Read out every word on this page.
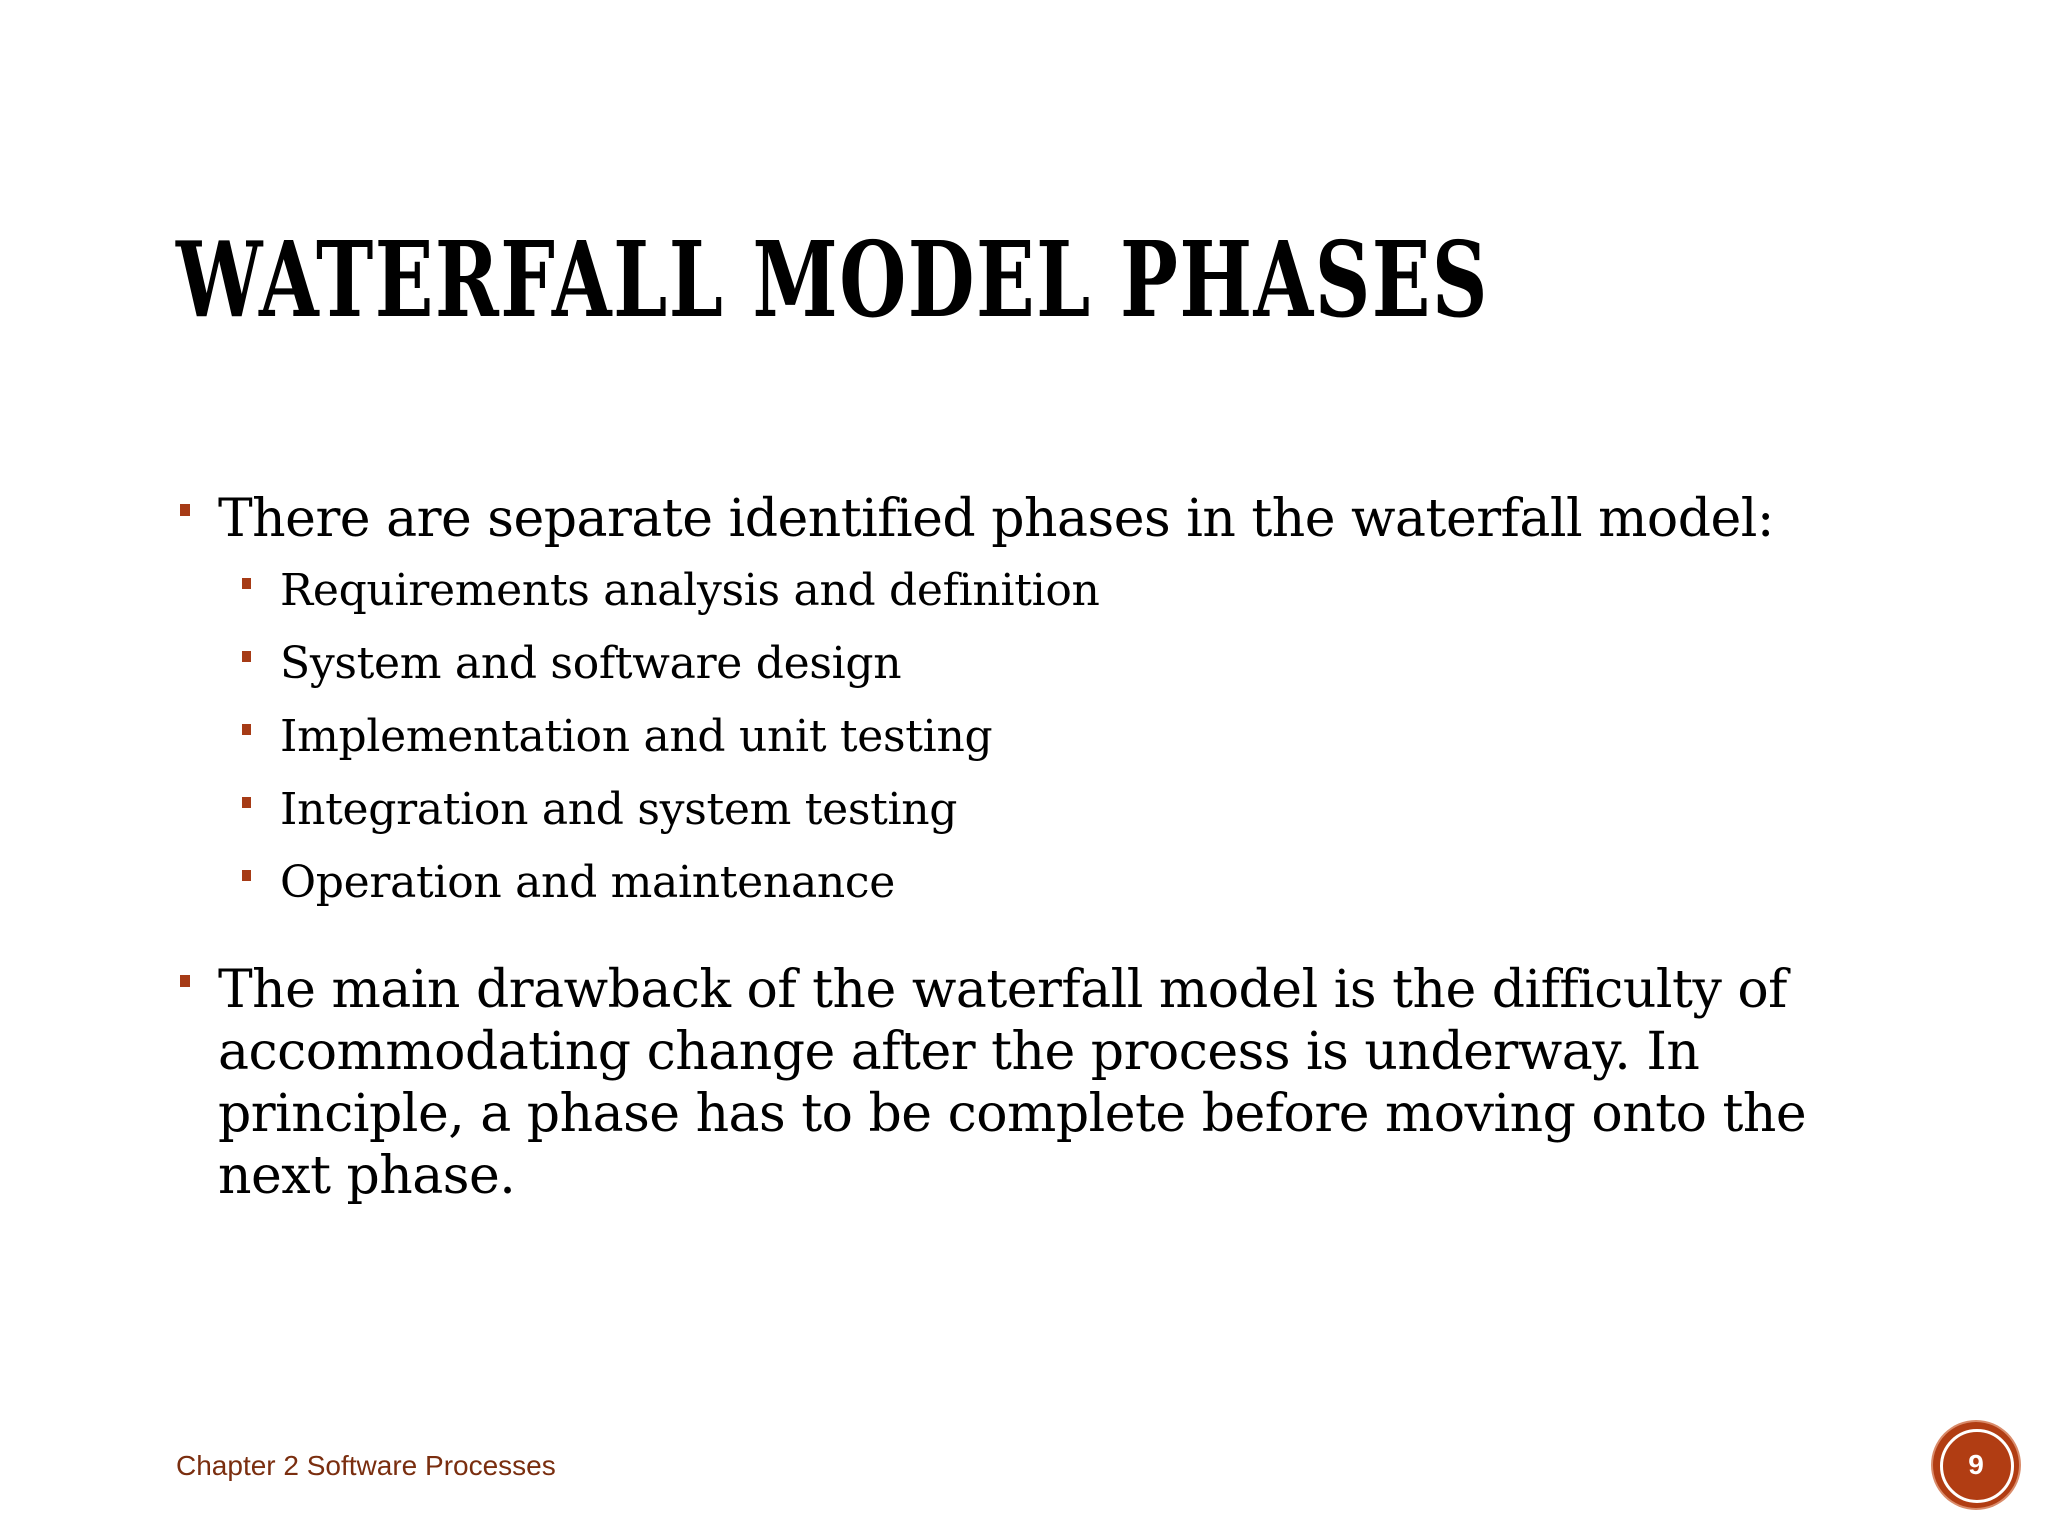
WATERFALL MODEL PHASES
There are separate identified phases in the waterfall model:
Requirements analysis and definition
System and software design
Implementation and unit testing
Integration and system testing
Operation and maintenance
The main drawback of the waterfall model is the difficulty of accommodating change after the process is underway. In principle, a phase has to be complete before moving onto the next phase.
Chapter 2 Software Processes	9
